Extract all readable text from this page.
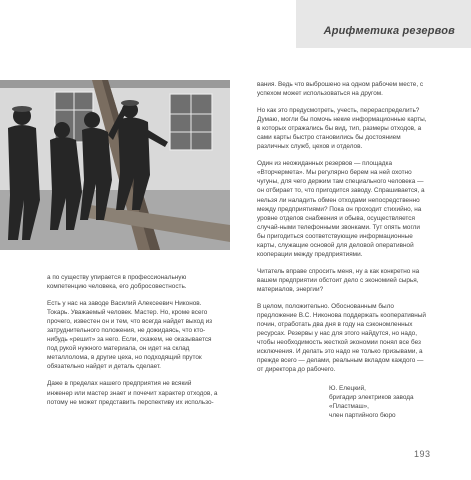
Арифметика резервов

а по существу упирается в профессиональную компетенцию человека, его добросовестность.

Есть у нас на заводе Василий Алексеевич Никонов. Токарь. Уважаемый человек. Мастер. Но, кроме всего прочего, известен он и тем, что всегда найдет выход из затруднительного положения, не дожидаясь, что кто-нибудь «решит» за него. Если, скажем, не оказывается под рукой нужного материала, он идет на склад металлолома, в другие цеха, но подходящий пруток обязательно найдет и деталь сделает.

Даже в пределах нашего предприятия не всякий инженер или мастер знает и почечит характер отходов, а потому не может представить перспективу их использо-

вания. Ведь что выброшено на одном рабочем месте, с успехом может использоваться на другом.

Но как это предусмотреть, учесть, перераспределить? Думаю, могли бы помочь некие информационные карты, в которых отражались бы вид, тип, размеры отходов, а сами карты быстро становились бы достоянием различных служб, цехов и отделов.

Один из неожиданных резервов — площадка «Вторчермета». Мы регулярно берем на ней охотно чугуны, для чего держим там специального человека — он отбирает то, что пригодится заводу. Спрашивается, а нельзя ли наладить обмен отходами непосредственно между предприятиями? Пока он проходит стихийно, на уровне отделов снабжения и обыва, осуществляется случай-ными телефонными звонками. Тут опять могли бы пригодиться соответствующие информационные карты, служащие основой для деловой оперативной кооперации между предприятиями.

Читатель вправе спросить меня, ну а как конкретно на вашем предприятии обстоит дело с экономией сырья, материалов, энергии?

В целом, положительно. Обоснованным было предложение В.С. Никонова поддержать кооперативный почин, отработать два дня в году на сэкономленных ресурсах. Резервы у нас для этого найдутся, но надо, чтобы необходимость жесткой экономии понял все без исключения. И делать это надо не только призывами, а прежде всего — делами, реальным вкладом каждого — от директора до рабочего.

Ю. Елецкий,
бригадир электриков завода «Пластмаш»,
член партийного бюро
193
